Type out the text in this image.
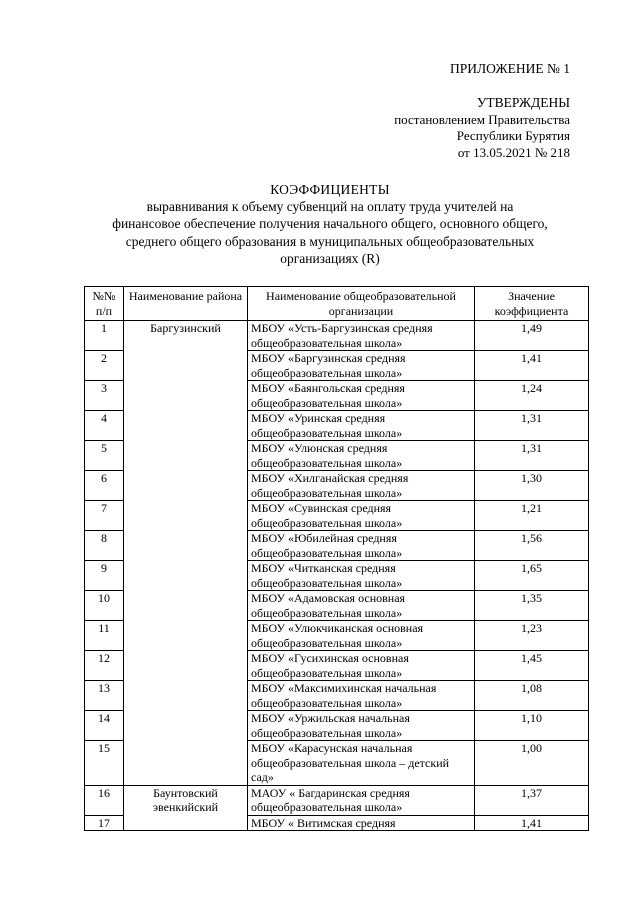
ПРИЛОЖЕНИЕ № 1
УТВЕРЖДЕНЫ
постановлением Правительства
Республики Бурятия
от 13.05.2021 № 218
КОЭФФИЦИЕНТЫ
выравнивания к объему субвенций на оплату труда учителей на
финансовое обеспечение получения начального общего, основного общего,
среднего общего образования в муниципальных общеобразовательных
организациях (R)
№№ п/п	Наименование района	Наименование общеобразовательной организации	Значение коэффициента
1	Баргузинский	МБОУ «Усть-Баргузинская средняя общеобразовательная школа»	1,49
2		МБОУ «Баргузинская средняя общеобразовательная школа»	1,41
3		МБОУ «Баянгольская средняя общеобразовательная школа»	1,24
4		МБОУ «Уринская средняя общеобразовательная школа»	1,31
5		МБОУ «Улюнская средняя общеобразовательная школа»	1,31
6		МБОУ «Хилганайская средняя общеобразовательная школа»	1,30
7		МБОУ «Сувинская средняя общеобразовательная школа»	1,21
8		МБОУ «Юбилейная средняя общеобразовательная школа»	1,56
9		МБОУ «Читканская средняя общеобразовательная школа»	1,65
10		МБОУ «Адамовская основная общеобразовательная школа»	1,35
11		МБОУ «Улюкчиканская основная общеобразовательная школа»	1,23
12		МБОУ «Гусихинская основная общеобразовательная школа»	1,45
13		МБОУ «Максимихинская начальная общеобразовательная школа»	1,08
14		МБОУ «Уржильская начальная общеобразовательная школа»	1,10
15		МБОУ «Карасунская начальная общеобразовательная школа – детский сад»	1,00
16	Баунтовский эвенкийский	МАОУ « Багдаринская средняя общеобразовательная школа»	1,37
17		МБОУ « Витимская средняя	1,41
